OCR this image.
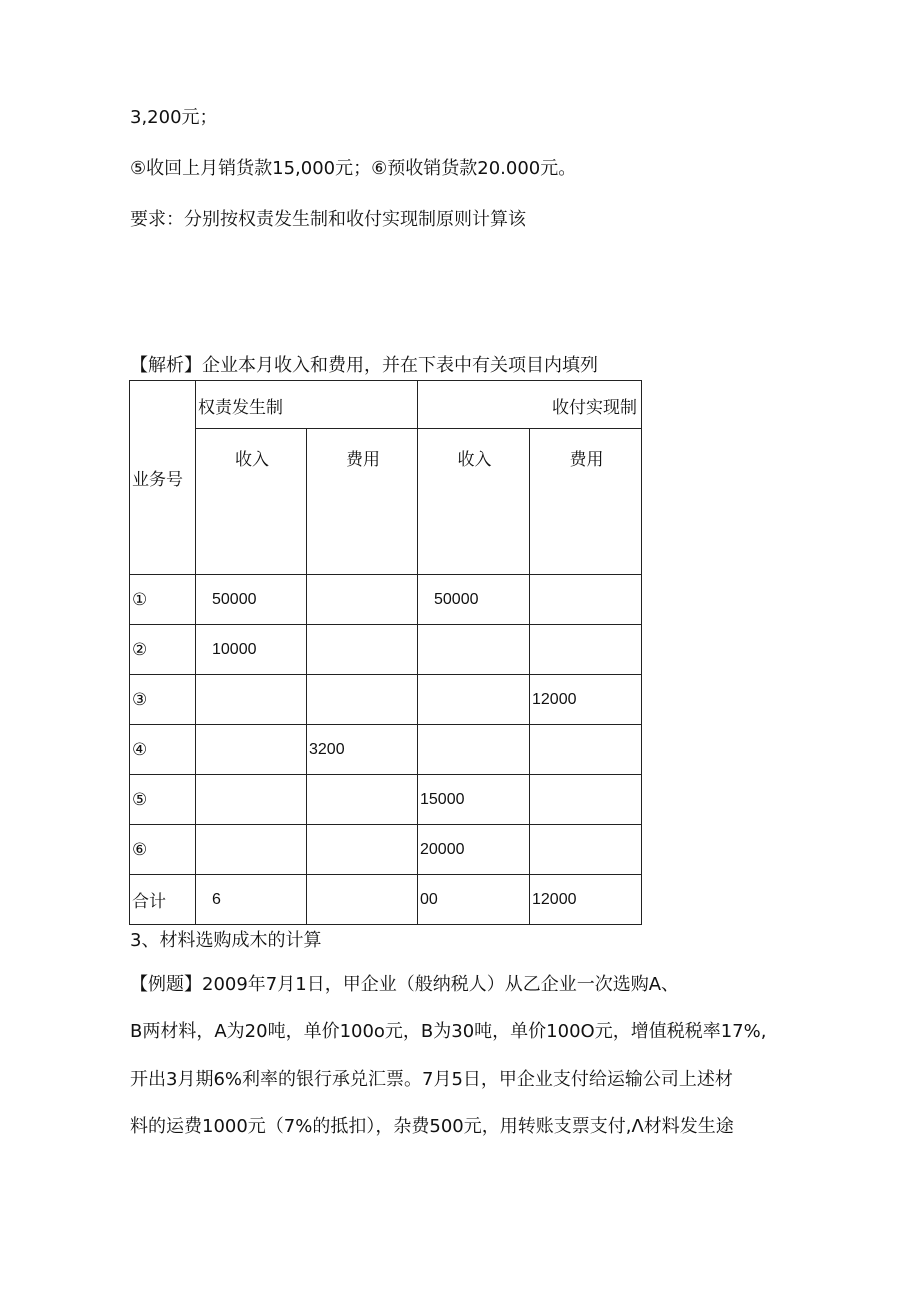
3,200元；
⑤收回上月销货款15,000元；⑥预收销货款20.000元。
要求：分别按权责发生制和收付实现制原则计算该
【解析】企业本月收入和费用，并在下表中有关项目内填列
业务号	权责发生制		收付实现制	
	收入	费用	收入	费用
①	50000		50000	
②	10000			
③				12000
④		3200		
⑤			15000	
⑥			20000	
合计	6		00	12000
3、材料选购成木的计算
【例题】2009年7月1日，甲企业（般纳税人）从乙企业一次选购A、
B两材料，A为20吨，单价100o元，B为30吨，单价100O元，增值税税率17%,
开出3月期6%利率的银行承兑汇票。7月5日，甲企业支付给运输公司上述材
料的运费1000元（7%的抵扣），杂费500元，用转账支票支付,Λ材料发生途
